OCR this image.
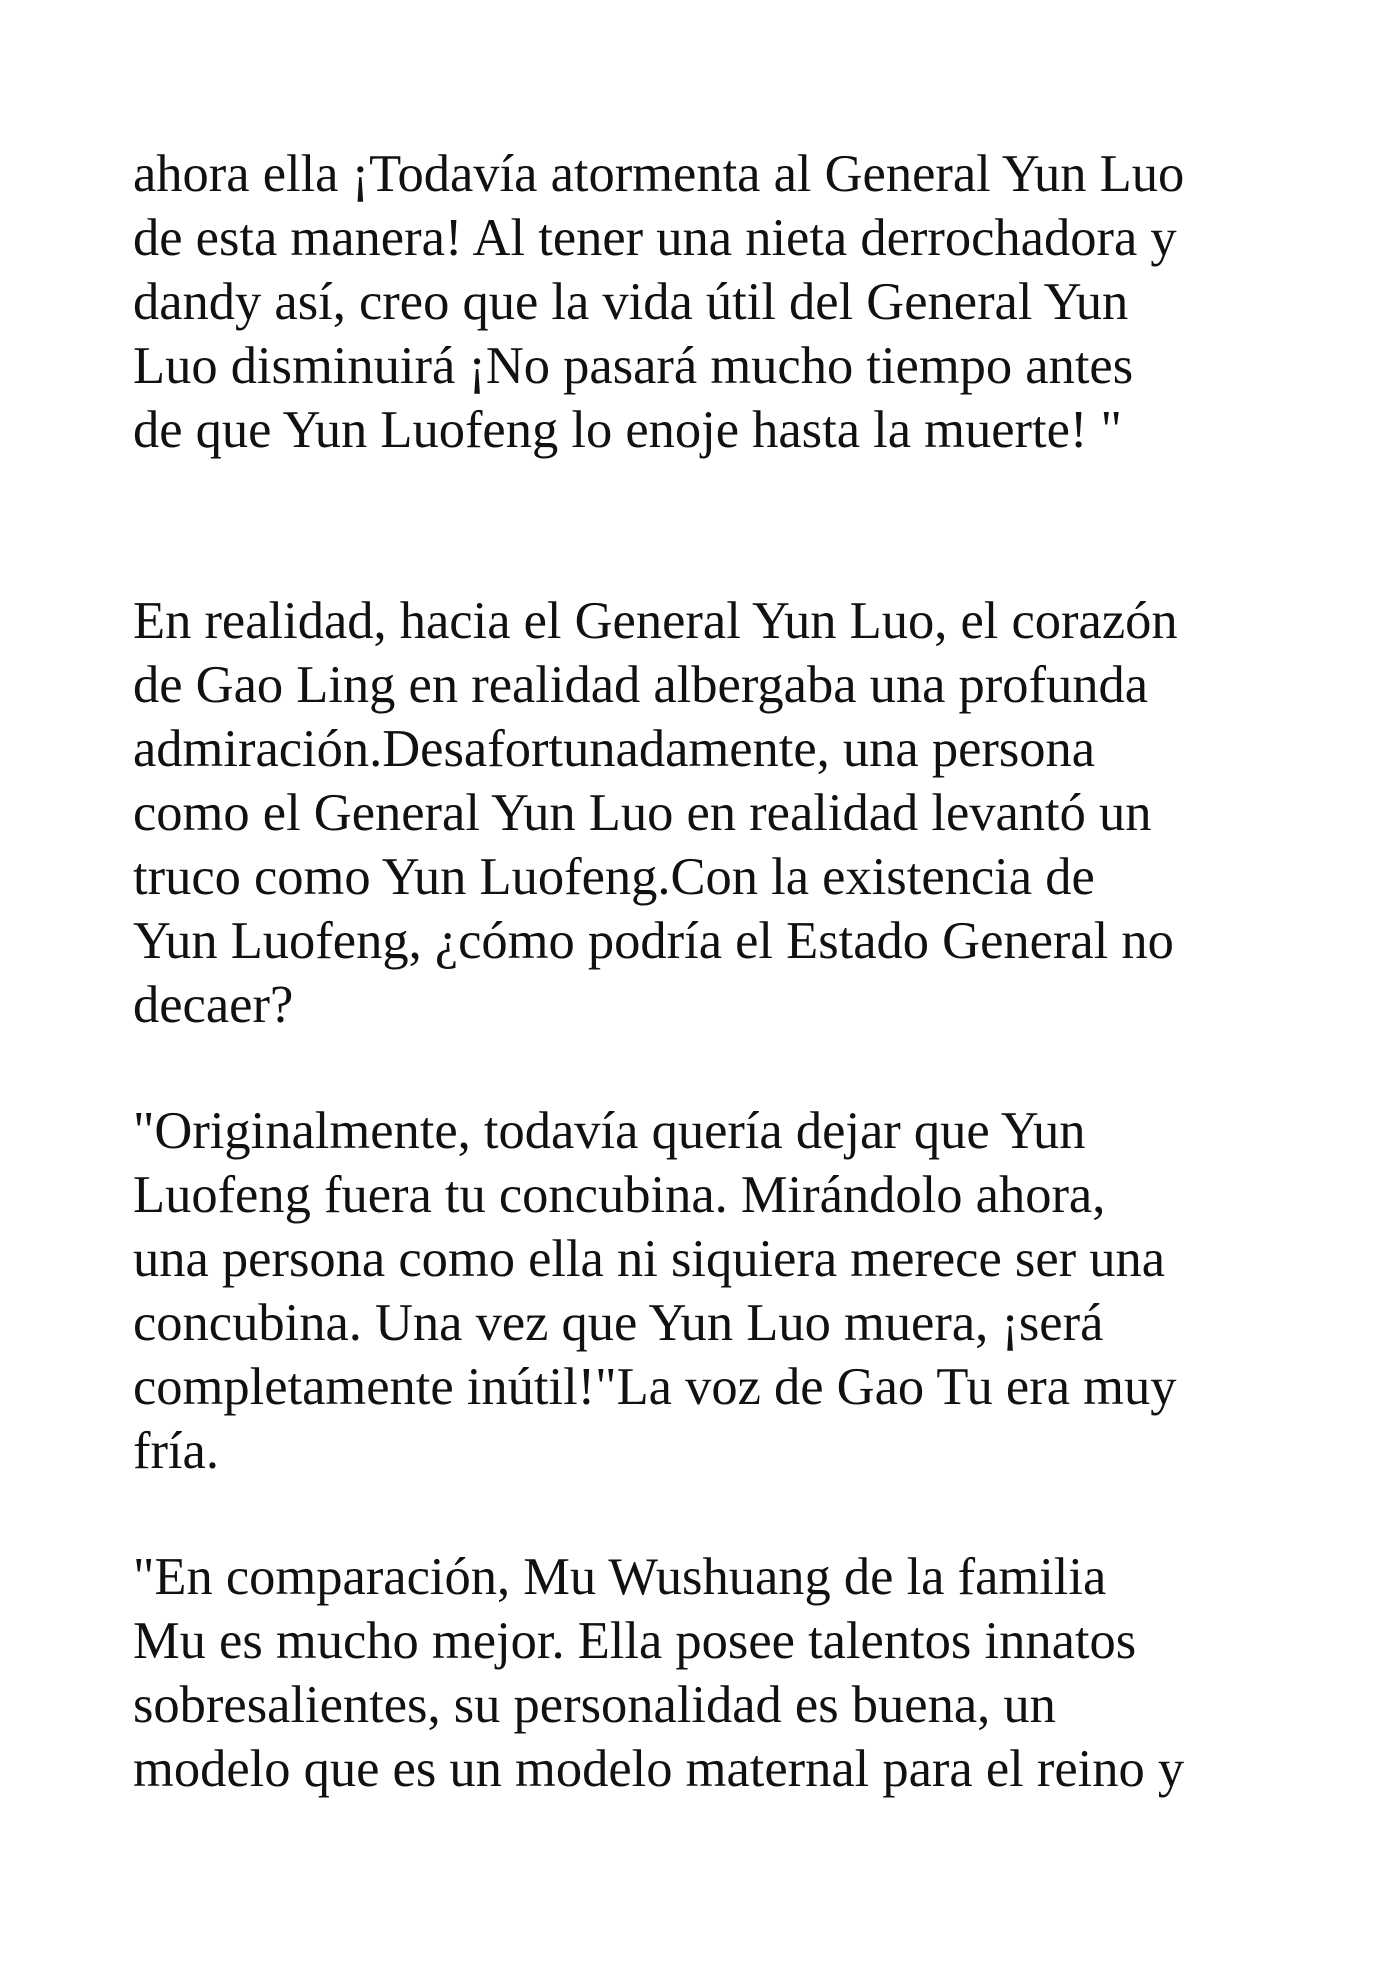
ahora ella ¡Todavía atormenta al General Yun Luo
de esta manera! Al tener una nieta derrochadora y
dandy así, creo que la vida útil del General Yun
Luo disminuirá ¡No pasará mucho tiempo antes
de que Yun Luofeng lo enoje hasta la muerte! "
En realidad, hacia el General Yun Luo, el corazón
de Gao Ling en realidad albergaba una profunda
admiración.Desafortunadamente, una persona
como el General Yun Luo en realidad levantó un
truco como Yun Luofeng.Con la existencia de
Yun Luofeng, ¿cómo podría el Estado General no
decaer?
"Originalmente, todavía quería dejar que Yun
Luofeng fuera tu concubina. Mirándolo ahora,
una persona como ella ni siquiera merece ser una
concubina. Una vez que Yun Luo muera, ¡será
completamente inútil!"La voz de Gao Tu era muy
fría.
"En comparación, Mu Wushuang de la familia
Mu es mucho mejor. Ella posee talentos innatos
sobresalientes, su personalidad es buena, un
modelo que es un modelo maternal para el reino y
